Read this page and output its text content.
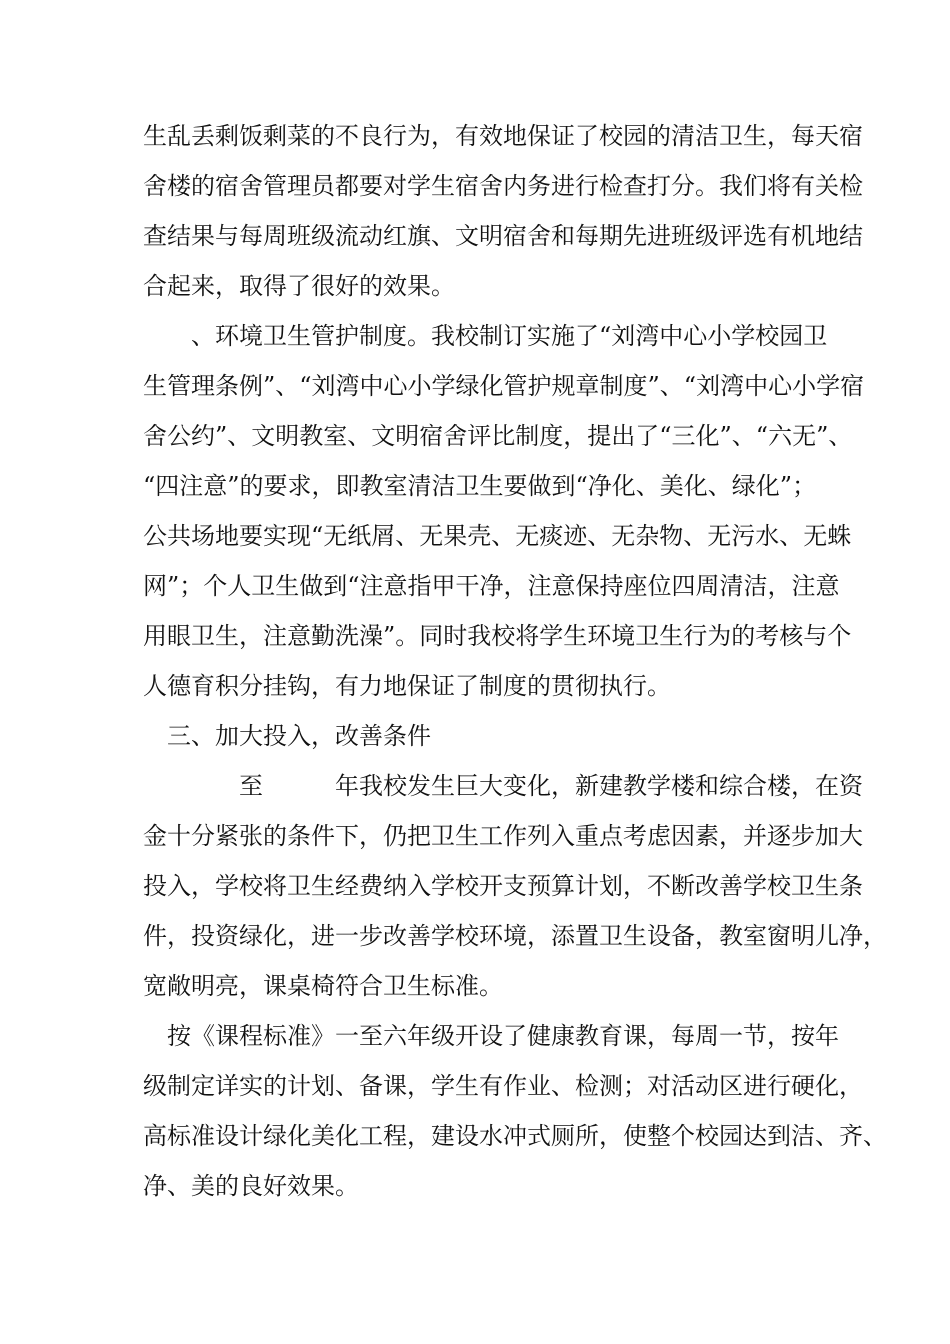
生乱丢剩饭剩菜的不良行为，有效地保证了校园的清洁卫生，每天宿
舍楼的宿舍管理员都要对学生宿舍内务进行检查打分。我们将有关检
查结果与每周班级流动红旗、文明宿舍和每期先进班级评选有机地结
合起来，取得了很好的效果。
　　、环境卫生管护制度。我校制订实施了“刘湾中心小学校园卫
生管理条例”、“刘湾中心小学绿化管护规章制度”、“刘湾中心小学宿
舍公约”、文明教室、文明宿舍评比制度，提出了“三化”、“六无”、
“四注意”的要求，即教室清洁卫生要做到“净化、美化、绿化”；
公共场地要实现“无纸屑、无果壳、无痰迹、无杂物、无污水、无蛛
网”；个人卫生做到“注意指甲干净，注意保持座位四周清洁，注意
用眼卫生，注意勤洗澡”。同时我校将学生环境卫生行为的考核与个
人德育积分挂钩，有力地保证了制度的贯彻执行。
　三、加大投入，改善条件
　　　　至　　　年我校发生巨大变化，新建教学楼和综合楼，在资
金十分紧张的条件下，仍把卫生工作列入重点考虑因素，并逐步加大
投入，学校将卫生经费纳入学校开支预算计划，不断改善学校卫生条
件，投资绿化，进一步改善学校环境，添置卫生设备，教室窗明儿净，
宽敞明亮，课桌椅符合卫生标准。
　按《课程标准》一至六年级开设了健康教育课，每周一节，按年
级制定详实的计划、备课，学生有作业、检测；对活动区进行硬化，
高标准设计绿化美化工程，建设水冲式厕所，使整个校园达到洁、齐、
净、美的良好效果。
